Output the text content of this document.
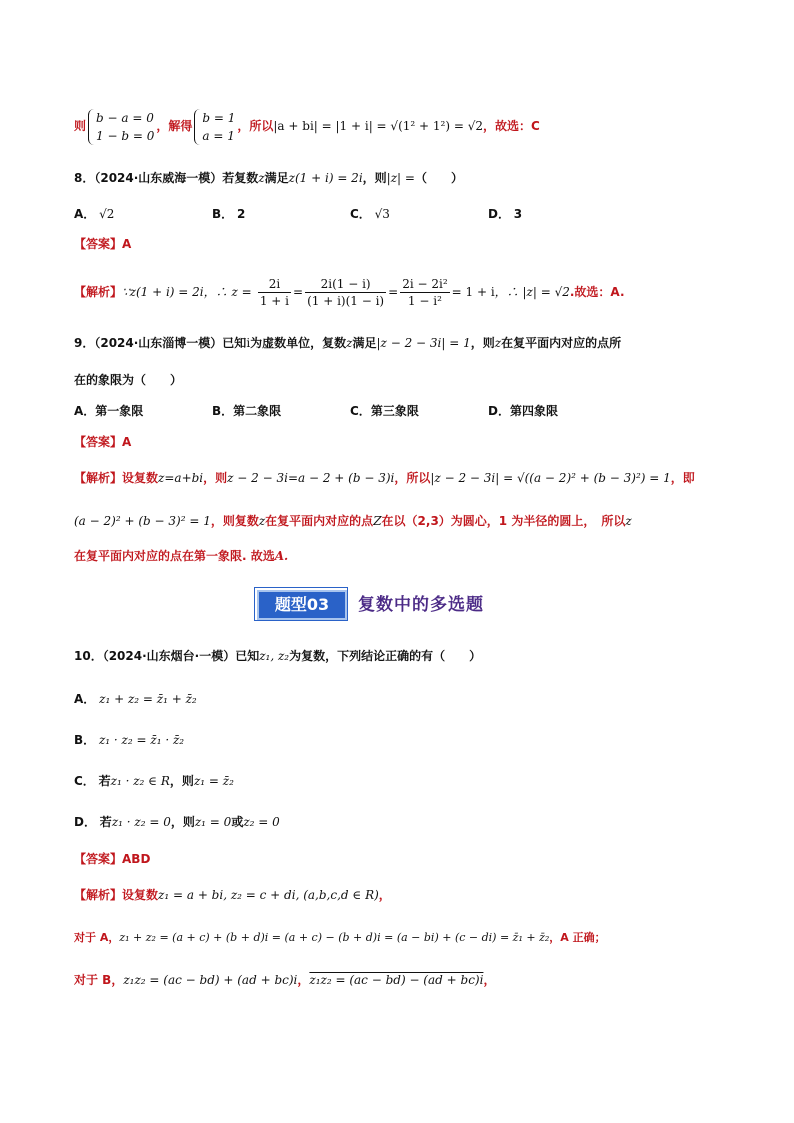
则
b − a = 0
1 − b = 0
，解得
b = 1
a = 1
，所以|a + bi| = |1 + i| = √(1² + 1²) = √2，故选：C
8．（2024·山东威海一模）若复数z满足z(1 + i) = 2i，则|z| =（　　）
A． √2	B． 2	C． √3	D． 3
【答案】A
【解析】∵z(1 + i) = 2i，∴ $z = \frac{2i}{1 + i} = \frac{2i(1 - i)}{(1 + i)(1 - i)} = \frac{\text{2i − 2i²}}{\text{1 − i²}} = 1 + i$，∴ |z| = √2.故选：A.
9．（2024·山东淄博一模）已知i为虚数单位，复数z满足|z − 2 − 3i| = 1，则z在复平面内对应的点所
在的象限为（　　）
A．第一象限	B．第二象限	C．第三象限	D．第四象限
【答案】A
【解析】设复数z=a+bi，则z − 2 − 3i=a − 2 + (b − 3)i，所以|z − 2 − 3i| = √((a − 2)² + (b − 3)²) = 1，即
(a − 2)² + (b − 3)² = 1，则复数z在复平面内对应的点Z在以（2,3）为圆心，1 为半径的圆上，　所以z
在复平面内对应的点在第一象限. 故选A.
题型03	复数中的多选题
10．（2024·山东烟台·一模）已知z₁, z₂为复数，下列结论正确的有（　　）
A． z₁ + z₂ = z̄₁ + z̄₂
B． z₁ · z₂ = z̄₁ · z̄₂
C． 若z₁ · z₂ ∈ R，则z₁ = z̄₂
D． 若z₁ · z₂ = 0，则z₁ = 0或z₂ = 0
【答案】ABD
【解析】设复数z₁ = a + bi, z₂ = c + di, (a,b,c,d ∈ R)，
对于 A，z₁ + z₂ = (a + c) + (b + d)i = (a + c) − (b + d)i = (a − bi) + (c − di) = z̄₁ + z̄₂，A 正确；
对于 B，z₁z₂ = (ac − bd) + (ad + bc)i，z₁z₂ = (ac − bd) − (ad + bc)i，
